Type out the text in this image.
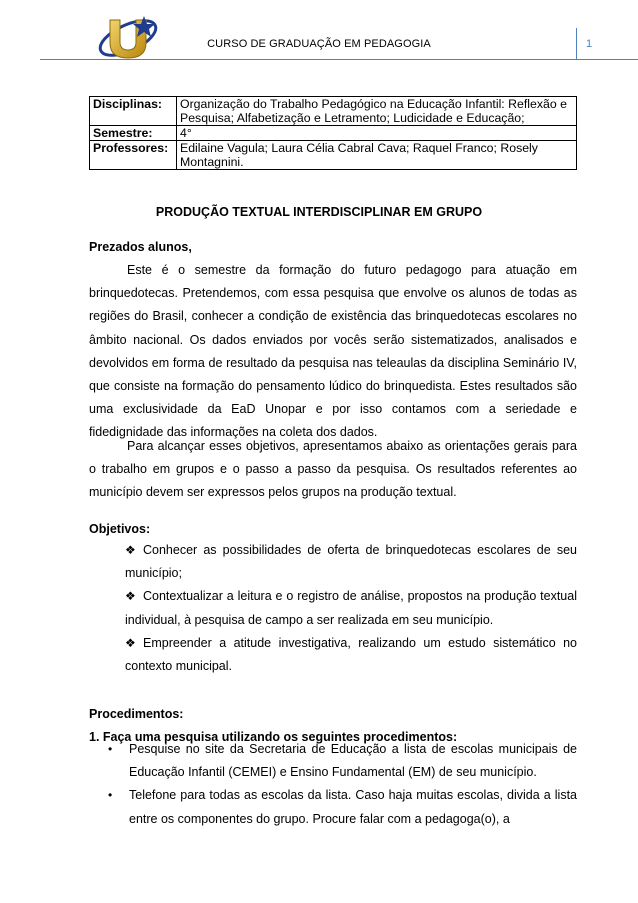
CURSO DE GRADUAÇÃO EM PEDAGOGIA	1
Disciplinas:	Organização do Trabalho Pedagógico na Educação Infantil: Reflexão e Pesquisa; Alfabetização e Letramento; Ludicidade e Educação;
Semestre:	4°
Professores:	Edilaine Vagula; Laura Célia Cabral Cava; Raquel Franco; Rosely Montagnini.
PRODUÇÃO TEXTUAL INTERDISCIPLINAR EM GRUPO
Prezados alunos,
Este é o semestre da formação do futuro pedagogo para atuação em brinquedotecas. Pretendemos, com essa pesquisa que envolve os alunos de todas as regiões do Brasil, conhecer a condição de existência das brinquedotecas escolares no âmbito nacional. Os dados enviados por vocês serão sistematizados, analisados e devolvidos em forma de resultado da pesquisa nas teleaulas da disciplina Seminário IV, que consiste na formação do pensamento lúdico do brinquedista. Estes resultados são uma exclusividade da EaD Unopar e por isso contamos com a seriedade e fidedignidade das informações na coleta dos dados.
Para alcançar esses objetivos, apresentamos abaixo as orientações gerais para o trabalho em grupos e o passo a passo da pesquisa. Os resultados referentes ao município devem ser expressos pelos grupos na produção textual.
Objetivos:

❖ Conhecer as possibilidades de oferta de brinquedotecas escolares de seu município;

❖ Contextualizar a leitura e o registro de análise, propostos na produção textual individual, à pesquisa de campo a ser realizada em seu município.

❖ Empreender a atitude investigativa, realizando um estudo sistemático no contexto municipal.

Procedimentos:
1. Faça uma pesquisa utilizando os seguintes procedimentos:
• Pesquise no site da Secretaria de Educação a lista de escolas municipais de Educação Infantil (CEMEI) e Ensino Fundamental (EM) de seu município.
• Telefone para todas as escolas da lista. Caso haja muitas escolas, divida a lista entre os componentes do grupo. Procure falar com a pedagoga(o), a
